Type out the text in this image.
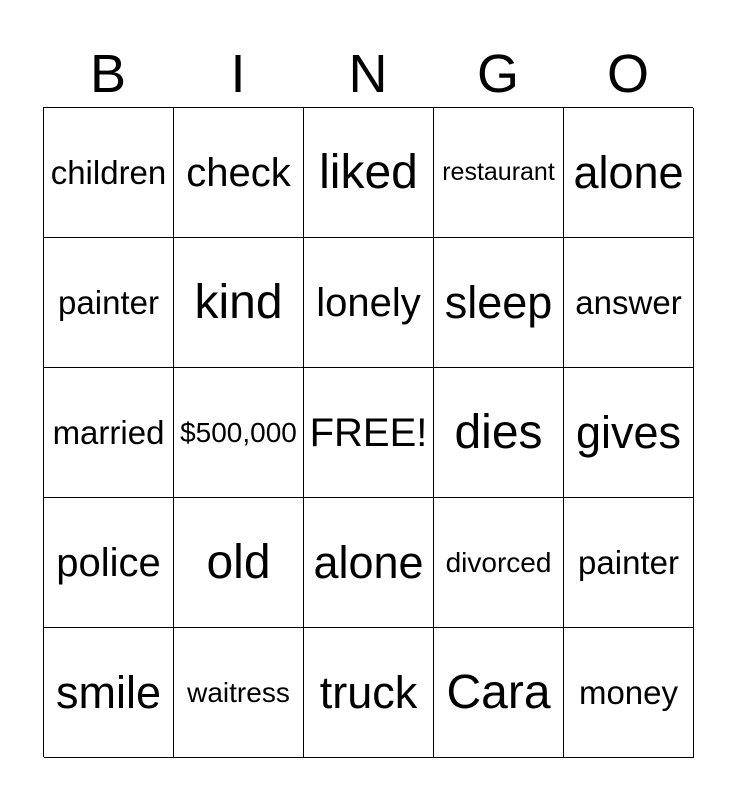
B	I	N	G	O
children check liked restaurant alone
painter kind lonely sleep answer
married $500,000 FREE! dies gives
police old alone divorced painter
smile waitress truck Cara money
